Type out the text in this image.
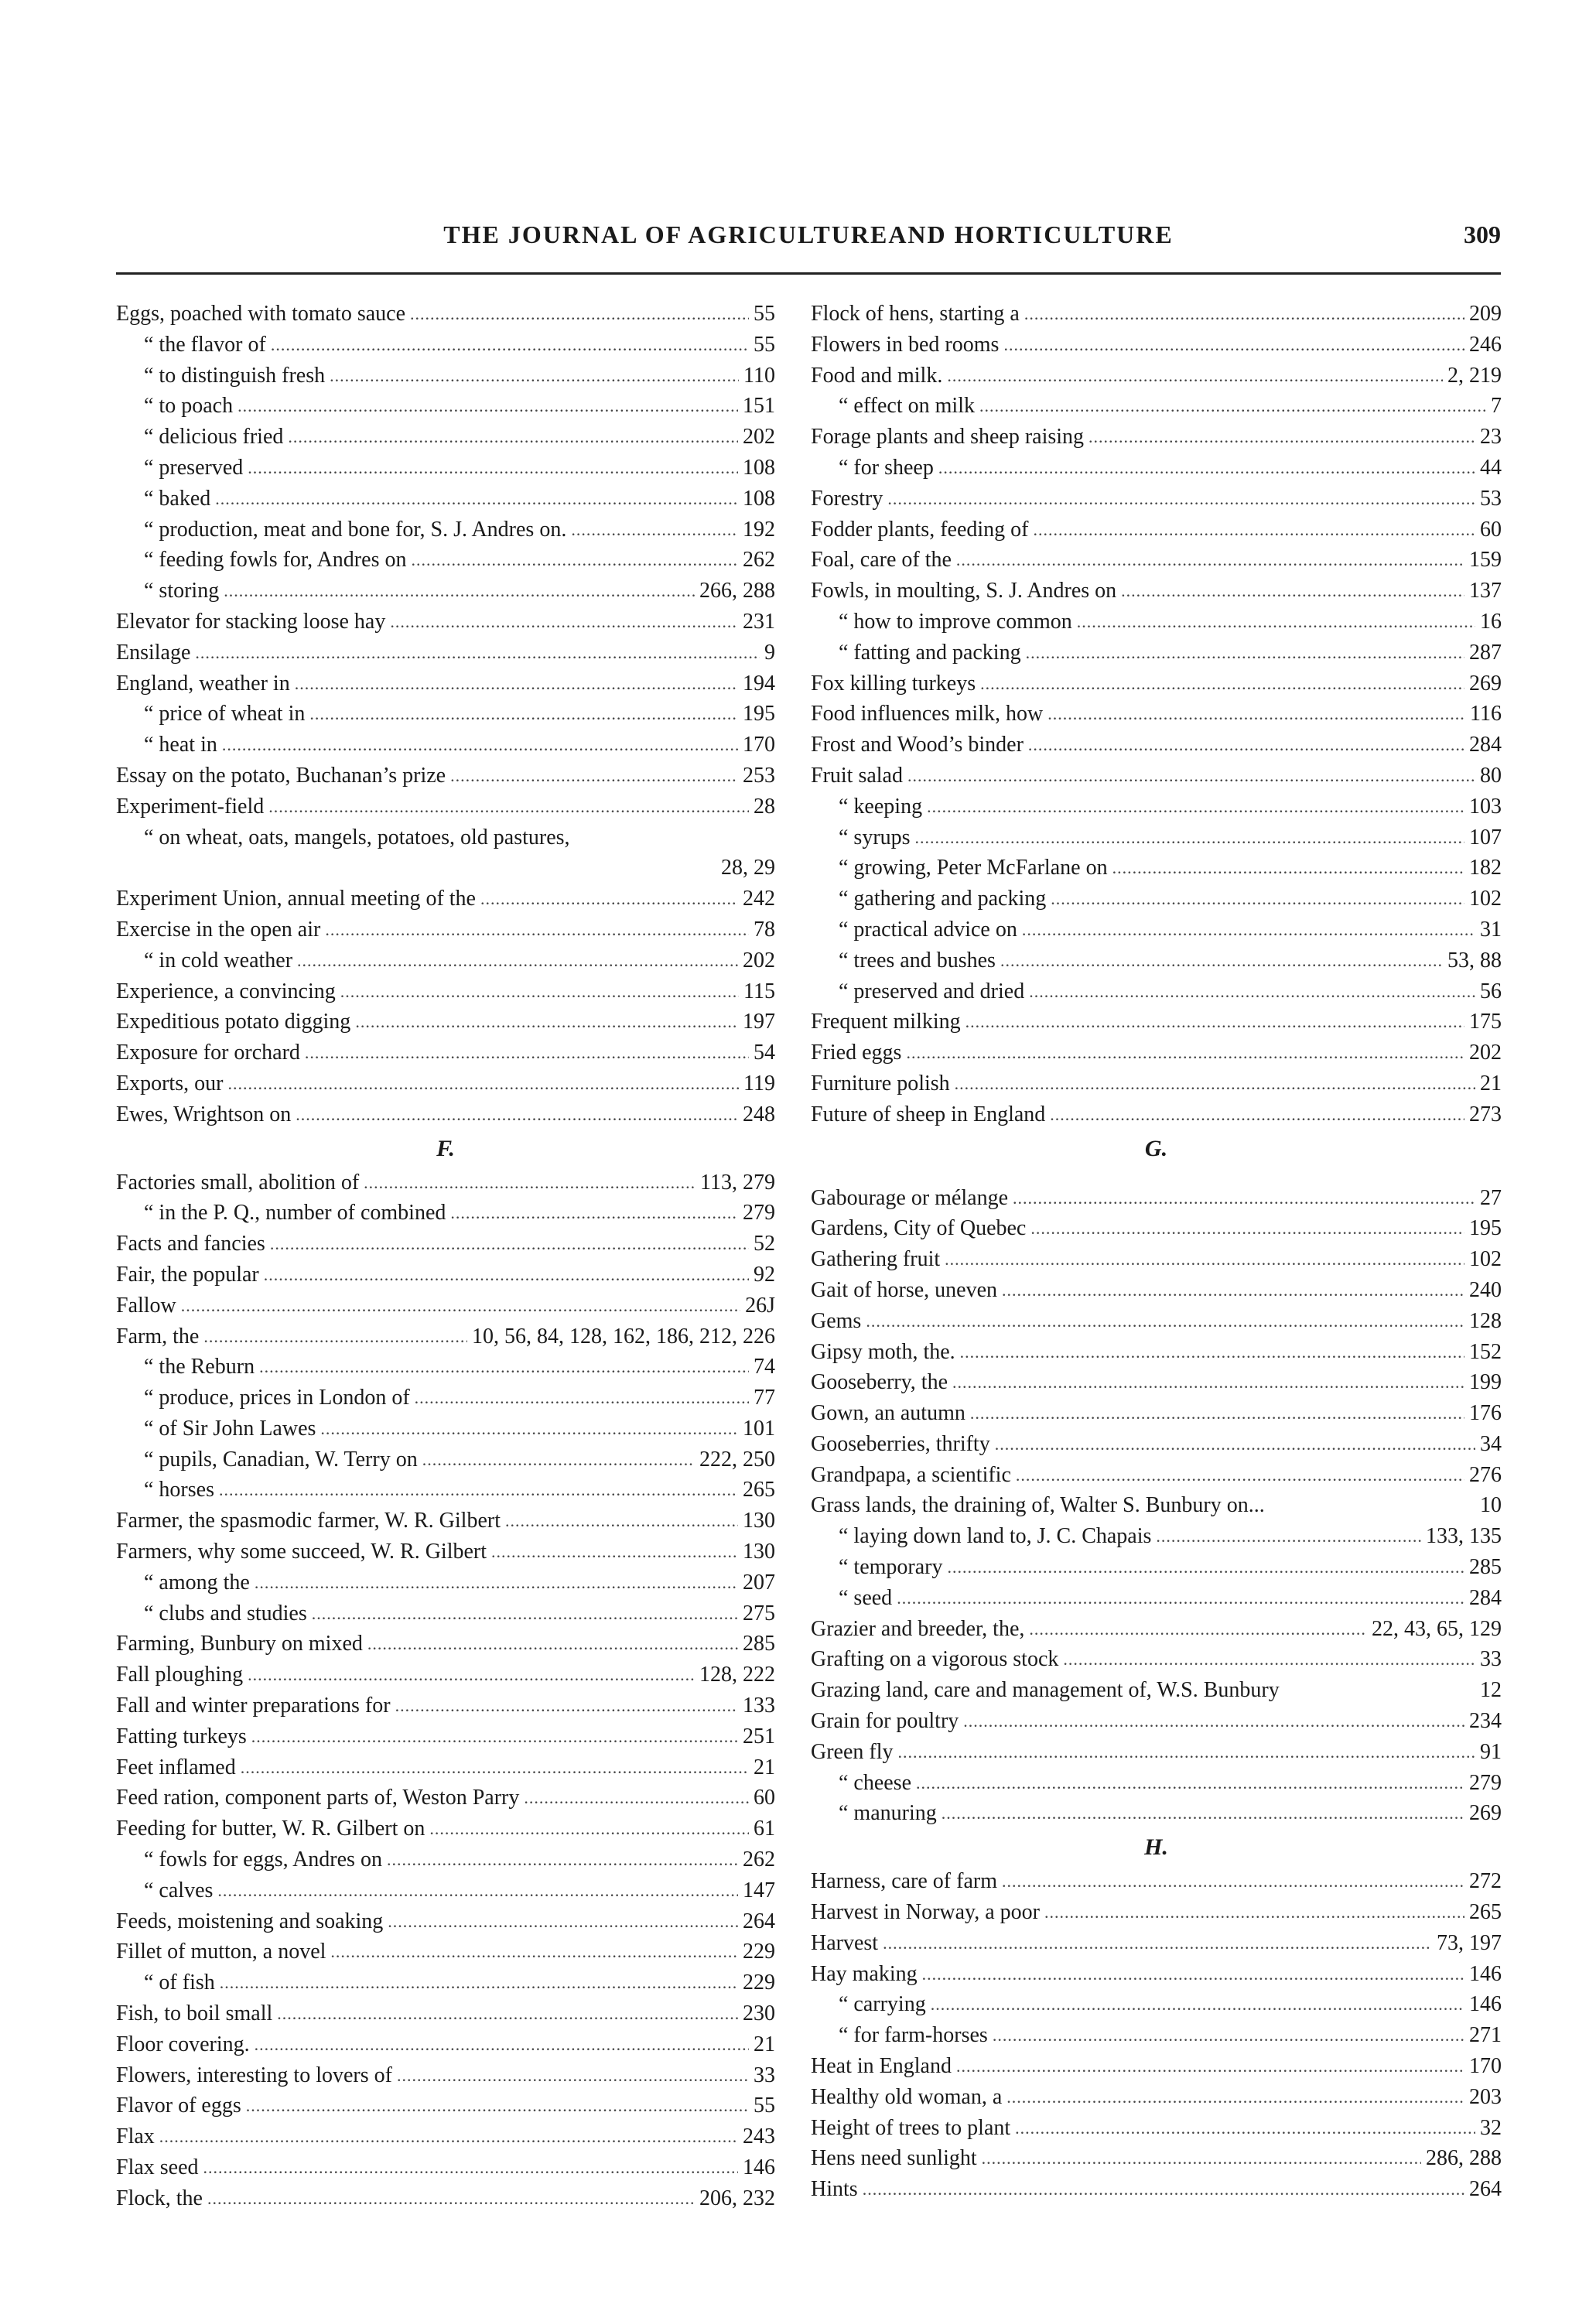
THE JOURNAL OF AGRICULTUREAND HORTICULTURE	309
Eggs, poached with tomato sauce .....	55
“ the flavor of .....	55
“ to distinguish fresh .....	110
“ to poach .....	151
“ delicious fried .....	202
“ preserved .....	108
“ baked .....	108
“ production, meat and bone for, S. J. Andres on. .....	192
“ feeding fowls for, Andres on .....	262
“ storing .....	266, 288
Elevator for stacking loose hay .....	231
Ensilage .....	9
England, weather in .....	194
“ price of wheat in .....	195
“ heat in .....	170
Essay on the potato, Buchanan’s prize .....	253
Experiment-field .....	28
“ on wheat, oats, mangels, potatoes, old pastures,
28, 29
Experiment Union, annual meeting of the .....	242
Exercise in the open air .....	78
“ in cold weather .....	202
Experience, a convincing .....	115
Expeditious potato digging .....	197
Exposure for orchard .....	54
Exports, our .....	119
Ewes, Wrightson on .....	248
F.
Factories small, abolition of .....	113, 279
“ in the P. Q., number of combined .....	279
Facts and fancies .....	52
Fair, the popular .....	92
Fallow .....	26J
Farm, the .....	10, 56, 84, 128, 162, 186, 212, 226
“ the Reburn .....	74
“ produce, prices in London of .....	77
“ of Sir John Lawes .....	101
“ pupils, Canadian, W. Terry on .....	222, 250
“ horses .....	265
Farmer, the spasmodic farmer, W. R. Gilbert .....	130
Farmers, why some succeed, W. R. Gilbert .....	130
“ among the .....	207
“ clubs and studies .....	275
Farming, Bunbury on mixed .....	285
Fall ploughing .....	128, 222
Fall and winter preparations for .....	133
Fatting turkeys .....	251
Feet inflamed .....	21
Feed ration, component parts of, Weston Parry .....	60
Feeding for butter, W. R. Gilbert on .....	61
“ fowls for eggs, Andres on .....	262
“ calves .....	147
Feeds, moistening and soaking .....	264
Fillet of mutton, a novel .....	229
“ of fish .....	229
Fish, to boil small .....	230
Floor covering. .....	21
Flowers, interesting to lovers of .....	33
Flavor of eggs .....	55
Flax .....	243
Flax seed .....	146
Flock, the .....	206, 232
Flock of hens, starting a .....	209
Flowers in bed rooms .....	246
Food and milk. .....	2, 219
“ effect on milk .....	7
Forage plants and sheep raising .....	23
“ for sheep .....	44
Forestry .....	53
Fodder plants, feeding of .....	60
Foal, care of the .....	159
Fowls, in moulting, S. J. Andres on .....	137
“ how to improve common .....	16
“ fatting and packing .....	287
Fox killing turkeys .....	269
Food influences milk, how .....	116
Frost and Wood’s binder .....	284
Fruit salad .....	80
“ keeping .....	103
“ syrups .....	107
“ growing, Peter McFarlane on .....	182
“ gathering and packing .....	102
“ practical advice on .....	31
“ trees and bushes .....	53, 88
“ preserved and dried .....	56
Frequent milking .....	175
Fried eggs .....	202
Furniture polish .....	21
Future of sheep in England .....	273
G.
Gabourage or mélange .....	27
Gardens, City of Quebec .....	195
Gathering fruit .....	102
Gait of horse, uneven .....	240
Gems .....	128
Gipsy moth, the. .....	152
Gooseberry, the .....	199
Gown, an autumn .....	176
Gooseberries, thrifty .....	34
Grandpapa, a scientific .....	276
Grass lands, the draining of, Walter S. Bunbury on...	10
“ laying down land to, J. C. Chapais .....	133, 135
“ temporary .....	285
“ seed .....	284
Grazier and breeder, the, .....	22, 43, 65, 129
Grafting on a vigorous stock .....	33
Grazing land, care and management of, W.S. Bunbury	12
Grain for poultry .....	234
Green fly .....	91
“ cheese .....	279
“ manuring .....	269
H.
Harness, care of farm .....	272
Harvest in Norway, a poor .....	265
Harvest .....	73, 197
Hay making .....	146
“ carrying .....	146
“ for farm-horses .....	271
Heat in England .....	170
Healthy old woman, a .....	203
Height of trees to plant .....	32
Hens need sunlight .....	286, 288
Hints .....	264
